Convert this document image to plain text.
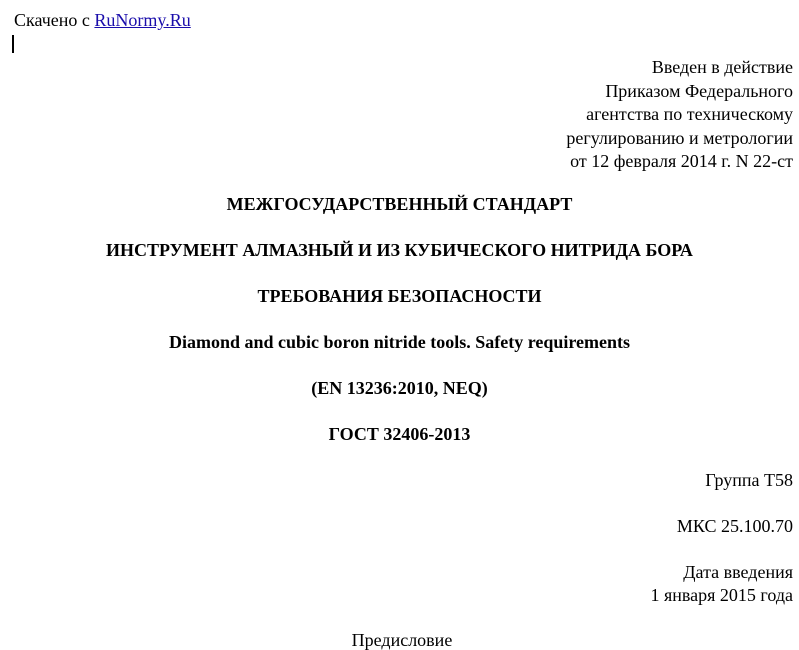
Скачено с RuNormy.Ru
Введен в действие
Приказом Федерального
агентства по техническому
регулированию и метрологии
от 12 февраля 2014 г. N 22-ст
МЕЖГОСУДАРСТВЕННЫЙ СТАНДАРТ
ИНСТРУМЕНТ АЛМАЗНЫЙ И ИЗ КУБИЧЕСКОГО НИТРИДА БОРА
ТРЕБОВАНИЯ БЕЗОПАСНОСТИ
Diamond and cubic boron nitride tools. Safety requirements
(EN 13236:2010, NEQ)
ГОСТ 32406-2013
Группа Т58
МКС 25.100.70
Дата введения
1 января 2015 года
Предисловие
